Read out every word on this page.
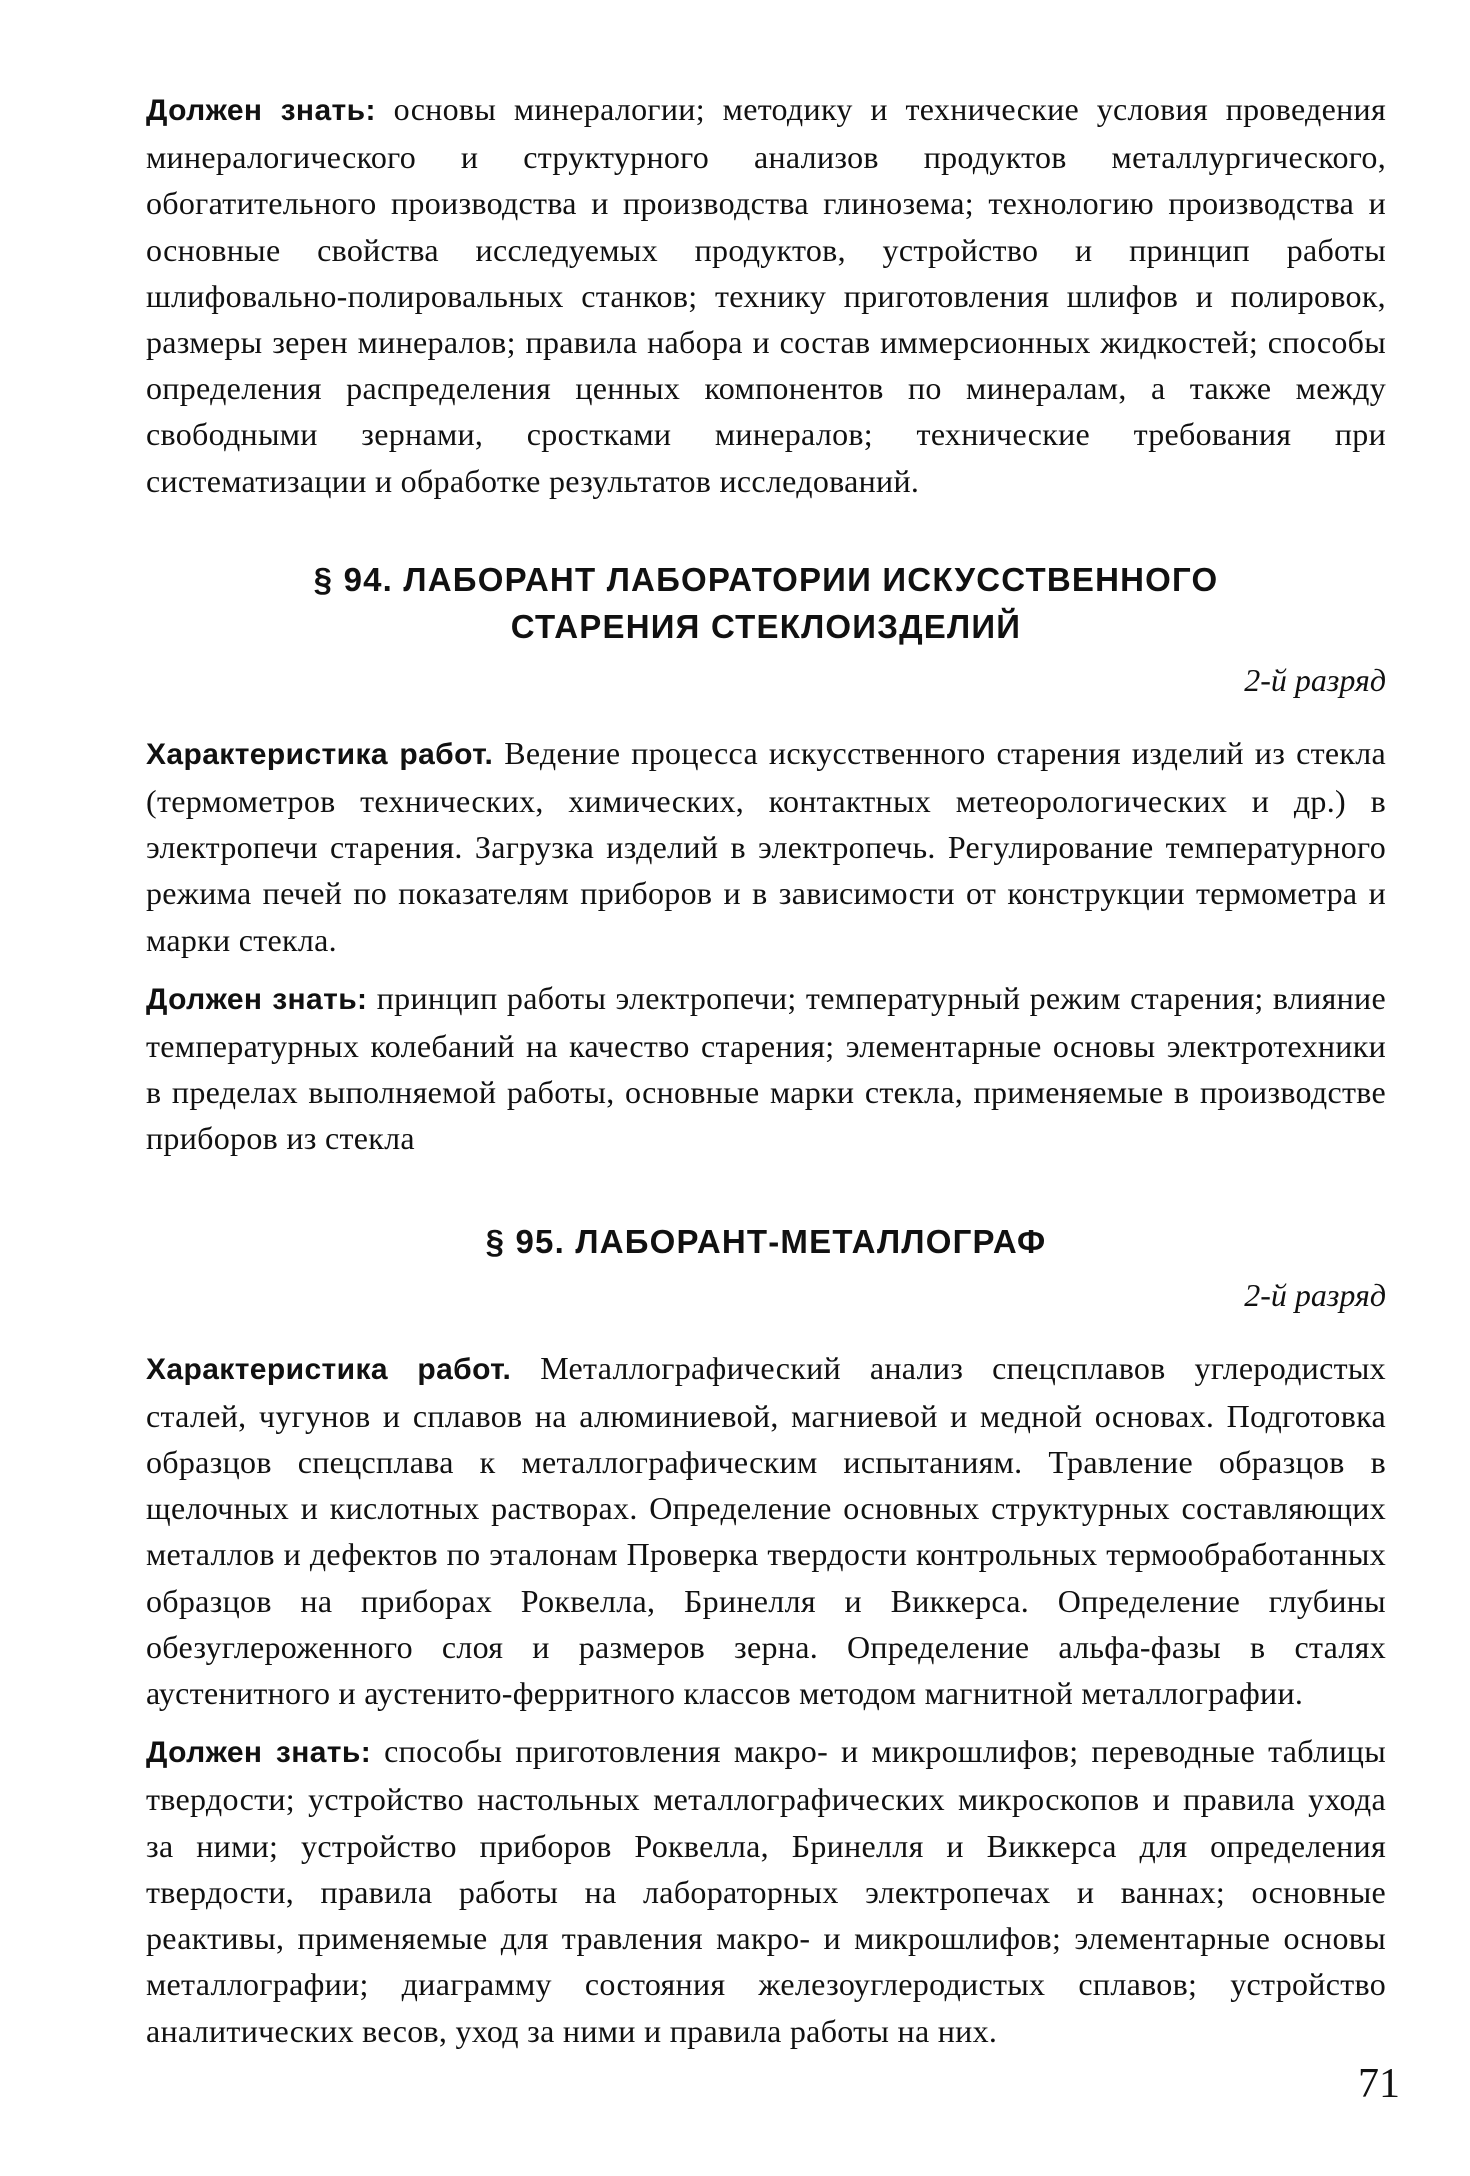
Должен знать: основы минералогии; методику и технические условия проведения минералогического и структурного анализов продуктов металлургического, обогатительного производства и производства глинозема; технологию производства и основные свойства исследуемых продуктов, устройство и принцип работы шлифовально-полировальных станков; технику приготовления шлифов и полировок, размеры зерен минералов; правила набора и состав иммерсионных жидкостей; способы определения распределения ценных компонентов по минералам, а также между свободными зернами, сростками минералов; технические требования при систематизации и обработке результатов исследований.

§ 94. ЛАБОРАНТ ЛАБОРАТОРИИ ИСКУССТВЕННОГО
СТАРЕНИЯ СТЕКЛОИЗДЕЛИЙ

2-й разряд

Характеристика работ. Ведение процесса искусственного старения изделий из стекла (термометров технических, химических, контактных метеорологических и др.) в электропечи старения. Загрузка изделий в электропечь. Регулирование температурного режима печей по показателям приборов и в зависимости от конструкции термометра и марки стекла.

Должен знать: принцип работы электропечи; температурный режим старения; влияние температурных колебаний на качество старения; элементарные основы электротехники в пределах выполняемой работы, основные марки стекла, применяемые в производстве приборов из стекла

§ 95. ЛАБОРАНТ-МЕТАЛЛОГРАФ

2-й разряд

Характеристика работ. Металлографический анализ спецсплавов углеродистых сталей, чугунов и сплавов на алюминиевой, магниевой и медной основах. Подготовка образцов спецсплава к металлографическим испытаниям. Травление образцов в щелочных и кислотных растворах. Определение основных структурных составляющих металлов и дефектов по эталонам Проверка твердости контрольных термообработанных образцов на приборах Роквелла, Бринелля и Виккерса. Определение глубины обезуглероженного слоя и размеров зерна. Определение альфа-фазы в сталях аустенитного и аустенито-ферритного классов методом магнитной металлографии.

Должен знать: способы приготовления макро- и микрошлифов; переводные таблицы твердости; устройство настольных металлографических микроскопов и правила ухода за ними; устройство приборов Роквелла, Бринелля и Виккерса для определения твердости, правила работы на лабораторных электропечах и ваннах; основные реактивы, применяемые для травления макро- и микрошлифов; элементарные основы металлографии; диаграмму состояния железоуглеродистых сплавов; устройство аналитических весов, уход за ними и правила работы на них.

71
